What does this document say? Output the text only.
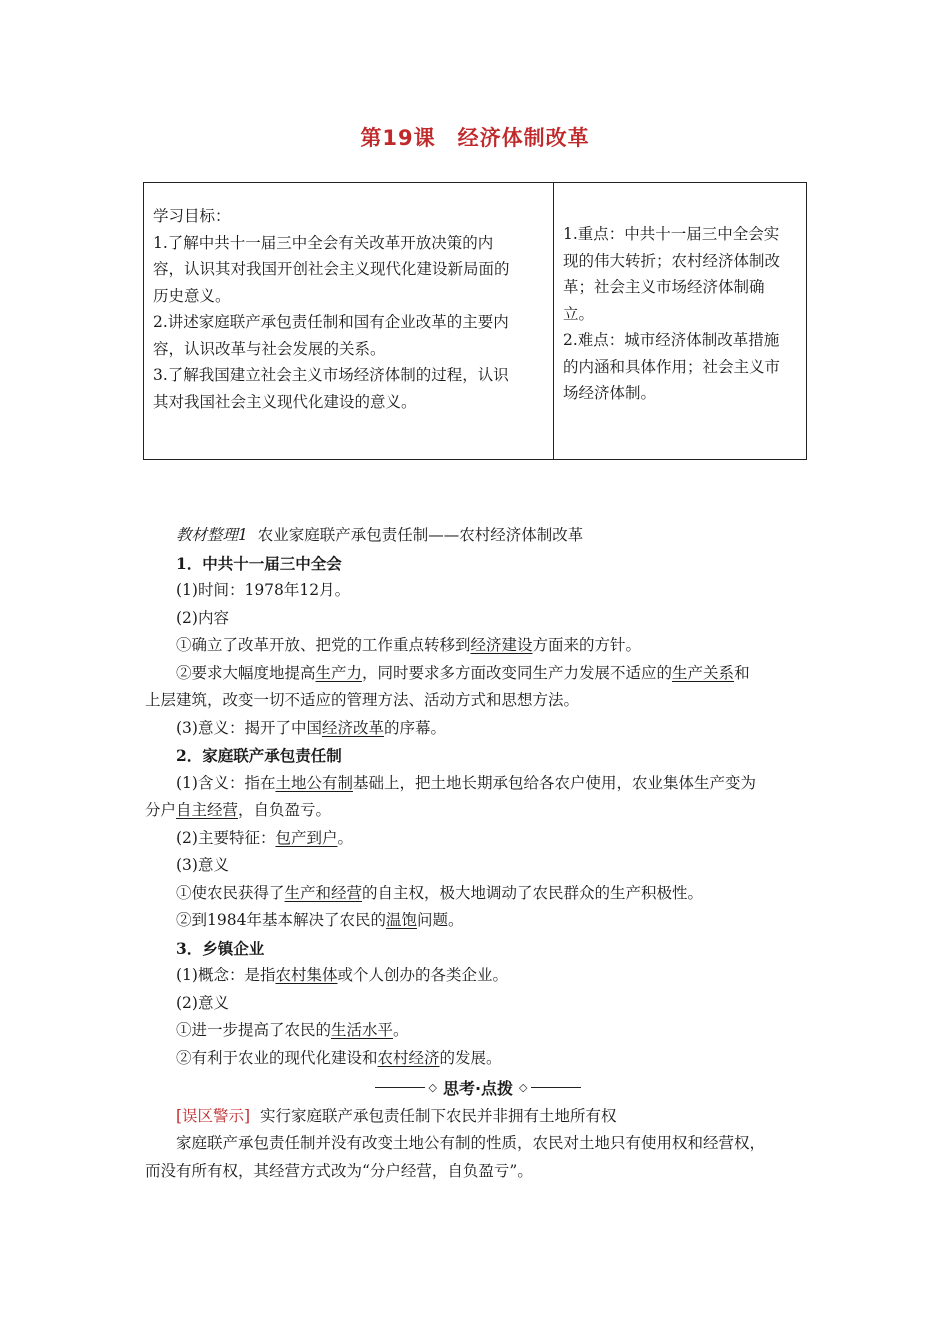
第19课 经济体制改革
学习目标：
1.了解中共十一届三中全会有关改革开放决策的内
容，认识其对我国开创社会主义现代化建设新局面的
历史意义。
2.讲述家庭联产承包责任制和国有企业改革的主要内
容，认识改革与社会发展的关系。
3.了解我国建立社会主义市场经济体制的过程，认识
其对我国社会主义现代化建设的意义。
1.重点：中共十一届三中全会实
现的伟大转折；农村经济体制改
革；社会主义市场经济体制确
立。
2.难点：城市经济体制改革措施
的内涵和具体作用；社会主义市
场经济体制。
教材整理1 农业家庭联产承包责任制——农村经济体制改革
1．中共十一届三中全会
(1)时间：1978年12月。
(2)内容
①确立了改革开放、把党的工作重点转移到经济建设方面来的方针。
②要求大幅度地提高生产力，同时要求多方面改变同生产力发展不适应的生产关系和
上层建筑，改变一切不适应的管理方法、活动方式和思想方法。
(3)意义：揭开了中国经济改革的序幕。
2．家庭联产承包责任制
(1)含义：指在土地公有制基础上，把土地长期承包给各农户使用，农业集体生产变为
分户自主经营，自负盈亏。
(2)主要特征：包产到户。
(3)意义
①使农民获得了生产和经营的自主权，极大地调动了农民群众的生产积极性。
②到1984年基本解决了农民的温饱问题。
3．乡镇企业
(1)概念：是指农村集体或个人创办的各类企业。
(2)意义
①进一步提高了农民的生活水平。
②有利于农业的现代化建设和农村经济的发展。
◇ 思考·点拨 ◇
[误区警示] 实行家庭联产承包责任制下农民并非拥有土地所有权
家庭联产承包责任制并没有改变土地公有制的性质，农民对土地只有使用权和经营权，
而没有所有权，其经营方式改为“分户经营，自负盈亏”。
